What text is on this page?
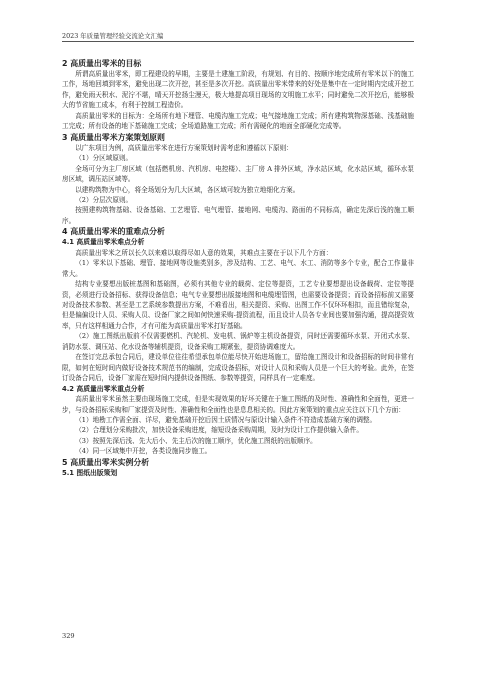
2023 年质量管理经验交流论文汇编
2 高质量出零米的目标
所谓高质量出零米，即工程建设的早期，主要是土建施工阶段，有规划、有目的、按顺序地完成所有零米以下的施工工作，场地回填到零米，避免出现二次开挖，甚至是多次开挖。高质量出零米带来的好处是集中在一定时期内完成开挖工作，避免雨天积水、泥泞不堪，晴天开挖扬尘漫天，极大地提高项目现场的文明施工水平；同时避免二次开挖后，能够极大的节省施工成本，有利于控制工程造价。
高质量出零米的目标为：全场所有地下埋管、电缆沟施工完成；电气接地施工完成；所有建构筑物深基础、浅基础施工完成；所有设备的地下基础施工完成；全场道路施工完成；所有需硬化的地面全部硬化完成等。
3 高质量出零米方案策划原则
以广东项目为例，高质量出零米在进行方案策划时需考虑和遵循以下原则：
（1）分区域原则。
全场可分为主厂房区域（包括燃机房、汽机房、电控楼）、主厂房 A 排外区域，净水站区域，化水站区域，循环水泵房区域，调压站区域等。
以建构筑物为中心，将全场划分为几大区域，各区域可较为独立地细化方案。
（2）分层次原则。
按照建构筑物基础、设备基础、工艺埋管、电气埋管、接地网、电缆沟、路面的不同标高，确定先深后浅的施工顺序。
4 高质量出零米的重难点分析
4.1 高质量出零米难点分析
高质量出零米之所以长久以来难以取得尽如人意的效果，其难点主要在于以下几个方面：
（1）零米以下基础、埋管、接地网等设施类别多，涉及结构、工艺、电气、水工、消防等多个专业，配合工作量非常大。
结构专业要想出版桩基图和基础图，必须有其他专业的载荷、定位等提资，工艺专业要想提出设备载荷、定位等提资，必须进行设备招标、获得设备信息；电气专业要想出版接地图和电缆埋管图，也需要设备提资；而设备招标前又需要对设备技术参数、甚至是工艺系统参数提出方案，不难看出，相关提资、采购、出图工作不仅环环相扣，而且错综复杂，但是偏偏设计人员、采购人员、设备厂家之间如何快速采购-提资流程，而且设计人员各专业间也要加强沟通，提高提资效率，只有这样相通力合作，才有可能为高质量出零米打好基础。
（2）施工图纸出版前不仅需要燃机、汽轮机、发电机、锅炉等主机设备提资，同时还需要循环水泵、开闭式水泵、消防水泵、调压站、化水设备等辅机提资，设备采购工期紧张，提资协调难度大。
在签订完总承包合同后，建设单位往往希望承包单位能尽快开始进场施工，留给施工图设计和设备招标的时间非常有限，如何在短时间内做好设备技术规范书的编制，完成设备招标，对设计人员和采购人员是一个巨大的考验。此外，在签订设备合同后，设备厂家需在短时间内提供设备图纸、参数等提资，同样具有一定难度。
4.2 高质量出零米重点分析
高质量出零米虽然主要由现场施工完成，但是实现效果的好坏关键在于施工图纸的及时性、准确性和全面性，更进一步，与设备招标采购和厂家提资及时性、准确性和全面性也是息息相关的。因此方案策划的重点应关注以下几个方面：
（1）地勘工作需全面、详尽，避免基础开挖后因土质情况与原设计输入条件不符造成基础方案的调整。
（2）合理划分采购批次，加快设备采购进度，缩短设备采购周期，及时为设计工作提供输入条件。
（3）按照先深后浅、先大后小、先主后次的施工顺序，优化施工图纸的出版顺序。
（4）同一区域集中开挖，各类设施同步施工。
5 高质量出零米实例分析
5.1 图纸出版策划
329
